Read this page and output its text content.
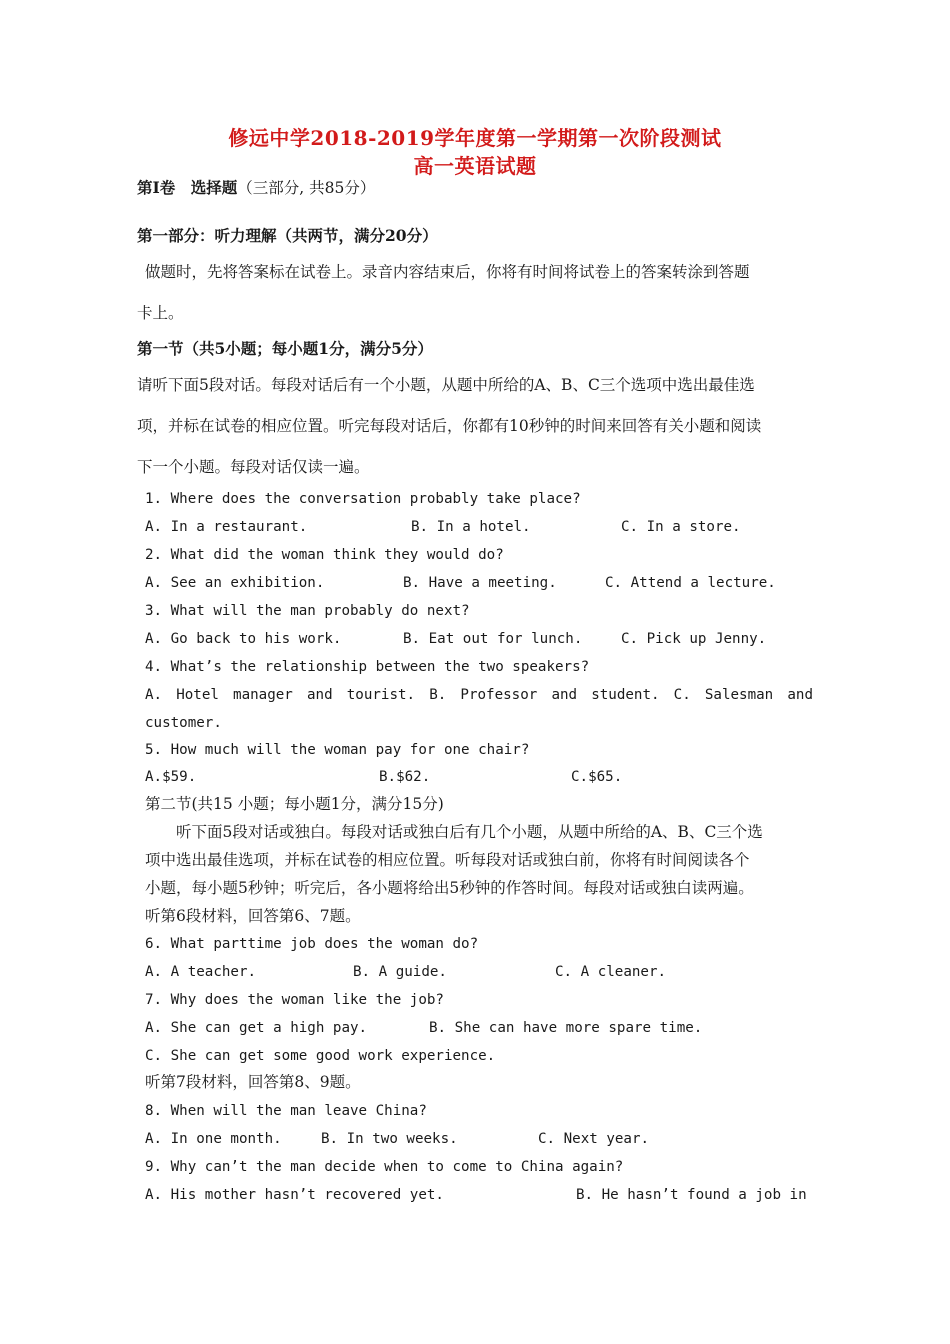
修远中学2018-2019学年度第一学期第一次阶段测试
高一英语试题
第I卷　选择题（三部分, 共85分）
第一部分：听力理解（共两节，满分20分）
做题时，先将答案标在试卷上。录音内容结束后，你将有时间将试卷上的答案转涂到答题
卡上。
第一节（共5小题；每小题1分，满分5分）
请听下面5段对话。每段对话后有一个小题，从题中所给的A、B、C三个选项中选出最佳选
项，并标在试卷的相应位置。听完每段对话后，你都有10秒钟的时间来回答有关小题和阅读
下一个小题。每段对话仅读一遍。
1. Where does the conversation probably take place?
A. In a restaurant.	B. In a hotel.	C. In a store.
2. What did the woman think they would do?
A. See an exhibition.	B. Have a meeting.	C. Attend a lecture.
3. What will the man probably do next?
A. Go back to his work.	B. Eat out for lunch.	C. Pick up Jenny.
4. What’s the relationship between the two speakers?
A. Hotel manager and tourist. B. Professor and student. C. Salesman and
customer.
5. How much will the woman pay for one chair?
A.$59.	B.$62.	C.$65.
第二节(共15 小题；每小题1分，满分15分)
听下面5段对话或独白。每段对话或独白后有几个小题，从题中所给的A、B、C三个选
项中选出最佳选项，并标在试卷的相应位置。听每段对话或独白前，你将有时间阅读各个
小题，每小题5秒钟；听完后，各小题将给出5秒钟的作答时间。每段对话或独白读两遍。
听第6段材料，回答第6、7题。
6. What parttime job does the woman do?
A. A teacher.	B. A guide.	C. A cleaner.
7. Why does the woman like the job?
A. She can get a high pay.	B. She can have more spare time.
C. She can get some good work experience.
听第7段材料，回答第8、9题。
8. When will the man leave China?
A. In one month.	B. In two weeks.	C. Next year.
9. Why can’t the man decide when to come to China again?
A. His mother hasn’t recovered yet.	B. He hasn’t found a job in
